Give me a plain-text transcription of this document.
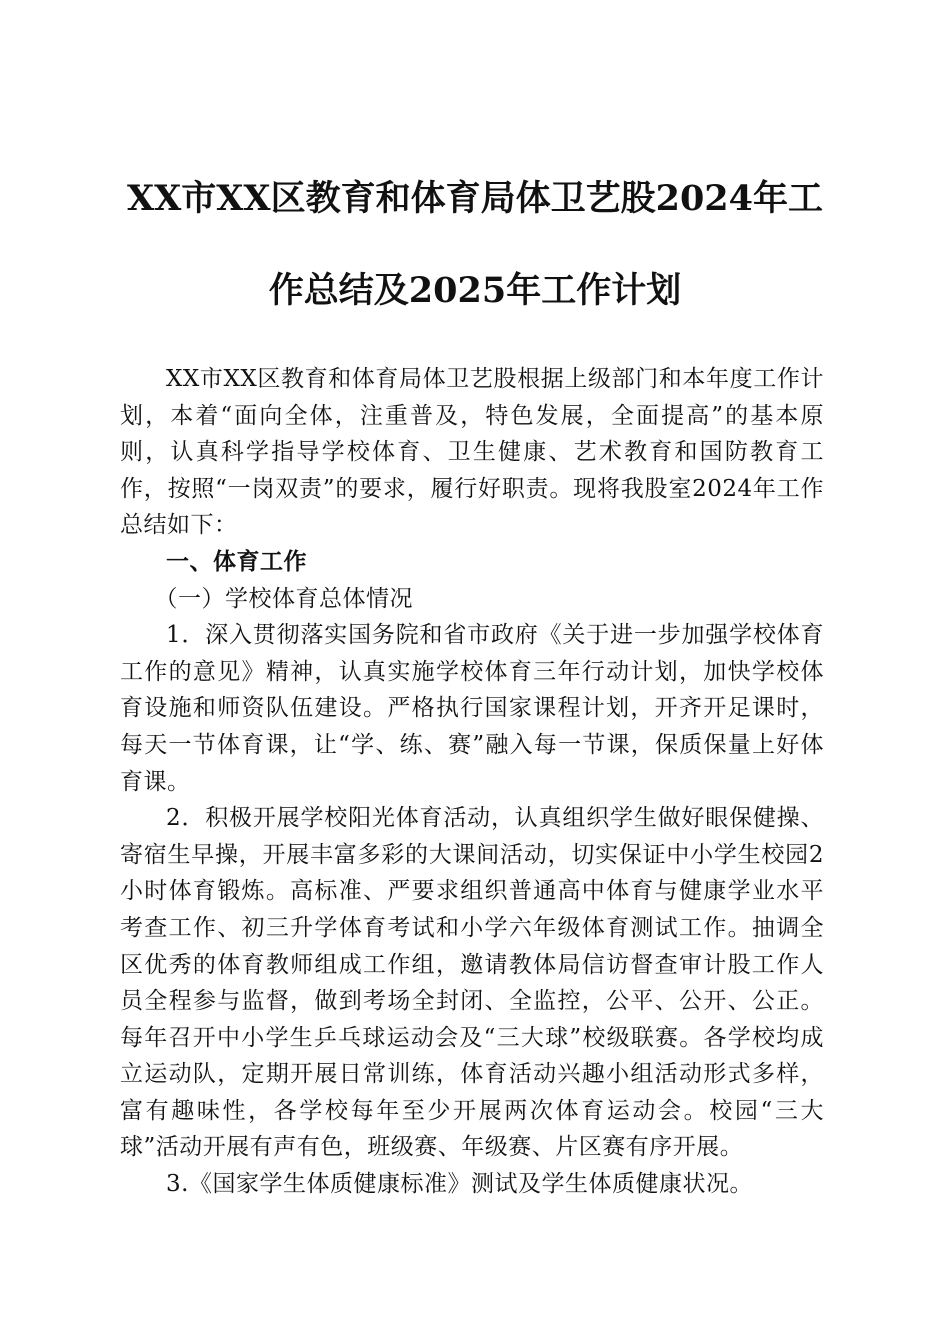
XX市XX区教育和体育局体卫艺股2024年工
作总结及2025年工作计划

XX市XX区教育和体育局体卫艺股根据上级部门和本年度工作计划，本着“面向全体，注重普及，特色发展，全面提高”的基本原则，认真科学指导学校体育、卫生健康、艺术教育和国防教育工作，按照“一岗双责”的要求，履行好职责。现将我股室2024年工作总结如下：

一、体育工作

（一）学校体育总体情况

1．深入贯彻落实国务院和省市政府《关于进一步加强学校体育工作的意见》精神，认真实施学校体育三年行动计划，加快学校体育设施和师资队伍建设。严格执行国家课程计划，开齐开足课时，每天一节体育课，让“学、练、赛”融入每一节课，保质保量上好体育课。

2．积极开展学校阳光体育活动，认真组织学生做好眼保健操、寄宿生早操，开展丰富多彩的大课间活动，切实保证中小学生校园2小时体育锻炼。高标准、严要求组织普通高中体育与健康学业水平考查工作、初三升学体育考试和小学六年级体育测试工作。抽调全区优秀的体育教师组成工作组，邀请教体局信访督查审计股工作人员全程参与监督，做到考场全封闭、全监控，公平、公开、公正。每年召开中小学生乒乓球运动会及“三大球”校级联赛。各学校均成立运动队，定期开展日常训练，体育活动兴趣小组活动形式多样，富有趣味性，各学校每年至少开展两次体育运动会。校园“三大球”活动开展有声有色，班级赛、年级赛、片区赛有序开展。

3.《国家学生体质健康标准》测试及学生体质健康状况。
